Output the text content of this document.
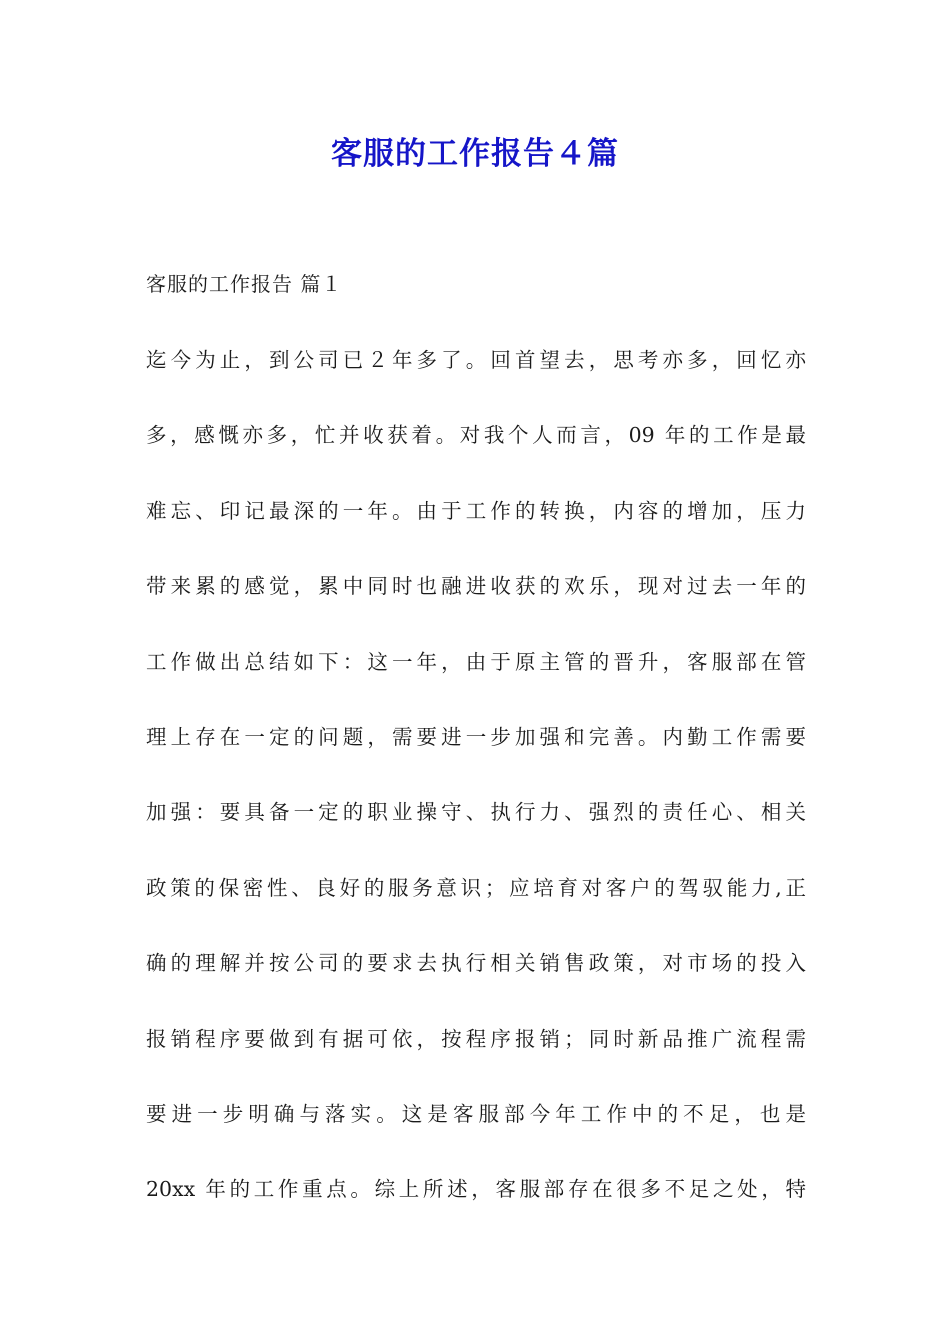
客服的工作报告４篇

客服的工作报告 篇１

迄今为止，到公司已２年多了。回首望去，思考亦多，回忆亦
多，感慨亦多，忙并收获着。对我个人而言，09 年的工作是最
难忘、印记最深的一年。由于工作的转换，内容的增加，压力
带来累的感觉，累中同时也融进收获的欢乐，现对过去一年的
工作做出总结如下：这一年，由于原主管的晋升，客服部在管
理上存在一定的问题，需要进一步加强和完善。内勤工作需要
加强：要具备一定的职业操守、执行力、强烈的责任心、相关
政策的保密性、良好的服务意识；应培育对客户的驾驭能力,正
确的理解并按公司的要求去执行相关销售政策，对市场的投入
报销程序要做到有据可依，按程序报销；同时新品推广流程需
要进一步明确与落实。这是客服部今年工作中的不足，也是
20xx 年的工作重点。综上所述，客服部存在很多不足之处，特
